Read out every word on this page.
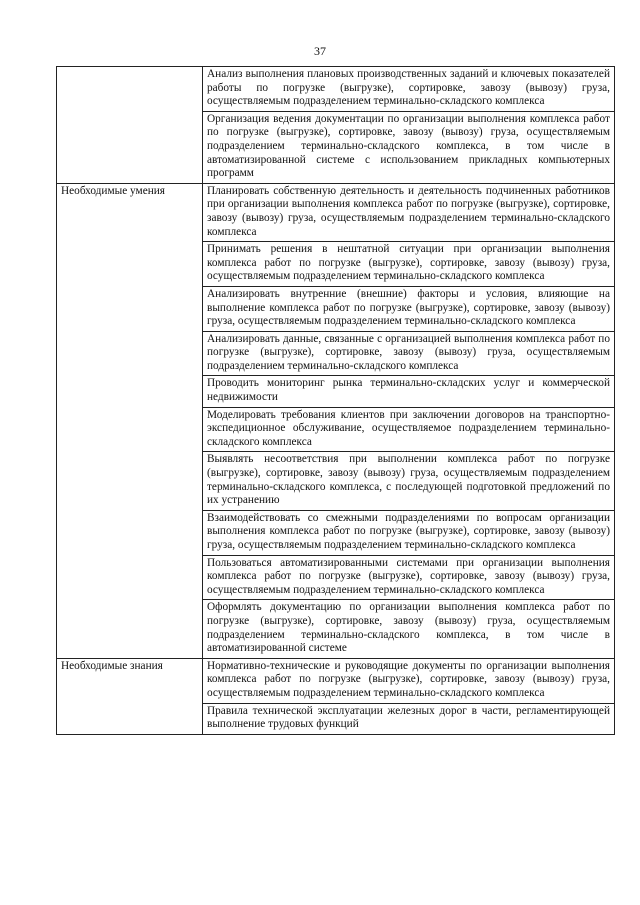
37
	Анализ выполнения плановых производственных заданий и ключевых показателей работы по погрузке (выгрузке), сортировке, завозу (вывозу) груза, осуществляемым подразделением терминально-складского комплекса
	Организация ведения документации по организации выполнения комплекса работ по погрузке (выгрузке), сортировке, завозу (вывозу) груза, осуществляемым подразделением терминально-складского комплекса, в том числе в автоматизированной системе с использованием прикладных компьютерных программ
Необходимые умения	Планировать собственную деятельность и деятельность подчиненных работников при организации выполнения комплекса работ по погрузке (выгрузке), сортировке, завозу (вывозу) груза, осуществляемым подразделением терминально-складского комплекса
	Принимать решения в нештатной ситуации при организации выполнения комплекса работ по погрузке (выгрузке), сортировке, завозу (вывозу) груза, осуществляемым подразделением терминально-складского комплекса
	Анализировать внутренние (внешние) факторы и условия, влияющие на выполнение комплекса работ по погрузке (выгрузке), сортировке, завозу (вывозу) груза, осуществляемым подразделением терминально-складского комплекса
	Анализировать данные, связанные с организацией выполнения комплекса работ по погрузке (выгрузке), сортировке, завозу (вывозу) груза, осуществляемым подразделением терминально-складского комплекса
	Проводить мониторинг рынка терминально-складских услуг и коммерческой недвижимости
	Моделировать требования клиентов при заключении договоров на транспортно-экспедиционное обслуживание, осуществляемое подразделением терминально-складского комплекса
	Выявлять несоответствия при выполнении комплекса работ по погрузке (выгрузке), сортировке, завозу (вывозу) груза, осуществляемым подразделением терминально-складского комплекса, с последующей подготовкой предложений по их устранению
	Взаимодействовать со смежными подразделениями по вопросам организации выполнения комплекса работ по погрузке (выгрузке), сортировке, завозу (вывозу) груза, осуществляемым подразделением терминально-складского комплекса
	Пользоваться автоматизированными системами при организации выполнения комплекса работ по погрузке (выгрузке), сортировке, завозу (вывозу) груза, осуществляемым подразделением терминально-складского комплекса
	Оформлять документацию по организации выполнения комплекса работ по погрузке (выгрузке), сортировке, завозу (вывозу) груза, осуществляемым подразделением терминально-складского комплекса, в том числе в автоматизированной системе
Необходимые знания	Нормативно-технические и руководящие документы по организации выполнения комплекса работ по погрузке (выгрузке), сортировке, завозу (вывозу) груза, осуществляемым подразделением терминально-складского комплекса
	Правила технической эксплуатации железных дорог в части, регламентирующей выполнение трудовых функций
